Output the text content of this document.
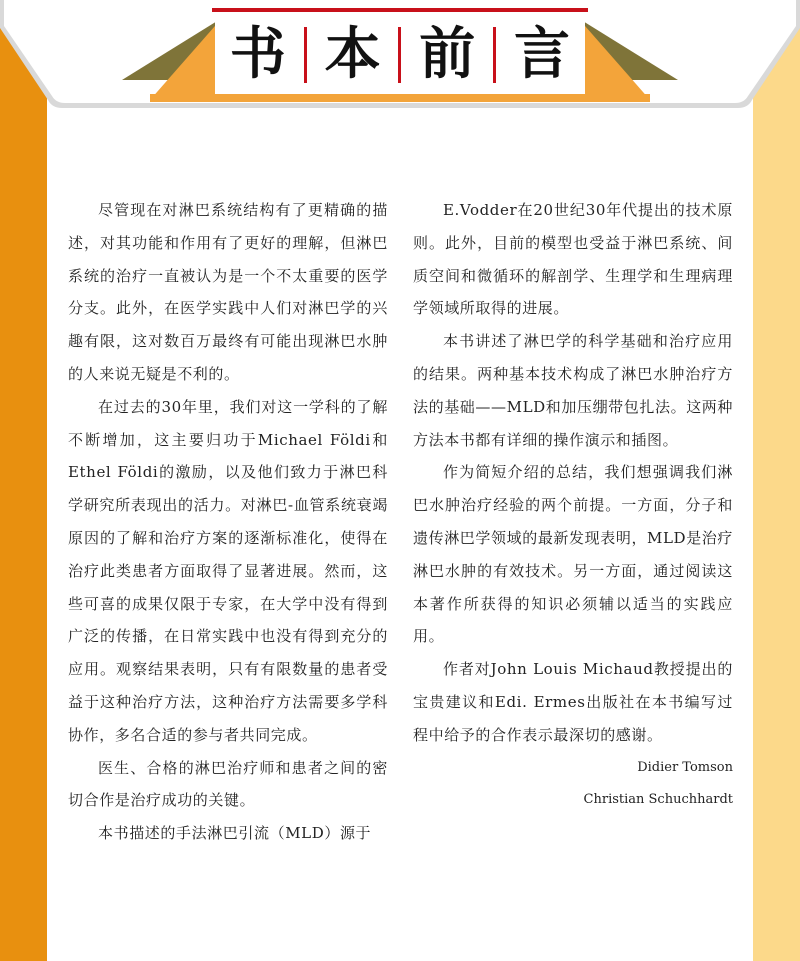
书 本 前 言

尽管现在对淋巴系统结构有了更精确的描述，对其功能和作用有了更好的理解，但淋巴系统的治疗一直被认为是一个不太重要的医学分支。此外，在医学实践中人们对淋巴学的兴趣有限，这对数百万最终有可能出现淋巴水肿的人来说无疑是不利的。

在过去的30年里，我们对这一学科的了解不断增加，这主要归功于Michael Földi和Ethel Földi的激励，以及他们致力于淋巴科学研究所表现出的活力。对淋巴-血管系统衰竭原因的了解和治疗方案的逐渐标准化，使得在治疗此类患者方面取得了显著进展。然而，这些可喜的成果仅限于专家，在大学中没有得到广泛的传播，在日常实践中也没有得到充分的应用。观察结果表明，只有有限数量的患者受益于这种治疗方法，这种治疗方法需要多学科协作，多名合适的参与者共同完成。

医生、合格的淋巴治疗师和患者之间的密切合作是治疗成功的关键。

本书描述的手法淋巴引流（MLD）源于

E.Vodder在20世纪30年代提出的技术原则。此外，目前的模型也受益于淋巴系统、间质空间和微循环的解剖学、生理学和生理病理学领域所取得的进展。

本书讲述了淋巴学的科学基础和治疗应用的结果。两种基本技术构成了淋巴水肿治疗方法的基础——MLD和加压绷带包扎法。这两种方法本书都有详细的操作演示和插图。

作为简短介绍的总结，我们想强调我们淋巴水肿治疗经验的两个前提。一方面，分子和遗传淋巴学领域的最新发现表明，MLD是治疗淋巴水肿的有效技术。另一方面，通过阅读这本著作所获得的知识必须辅以适当的实践应用。

作者对John Louis Michaud教授提出的宝贵建议和Edi. Ermes出版社在本书编写过程中给予的合作表示最深切的感谢。

Didier Tomson

Christian Schuchhardt
